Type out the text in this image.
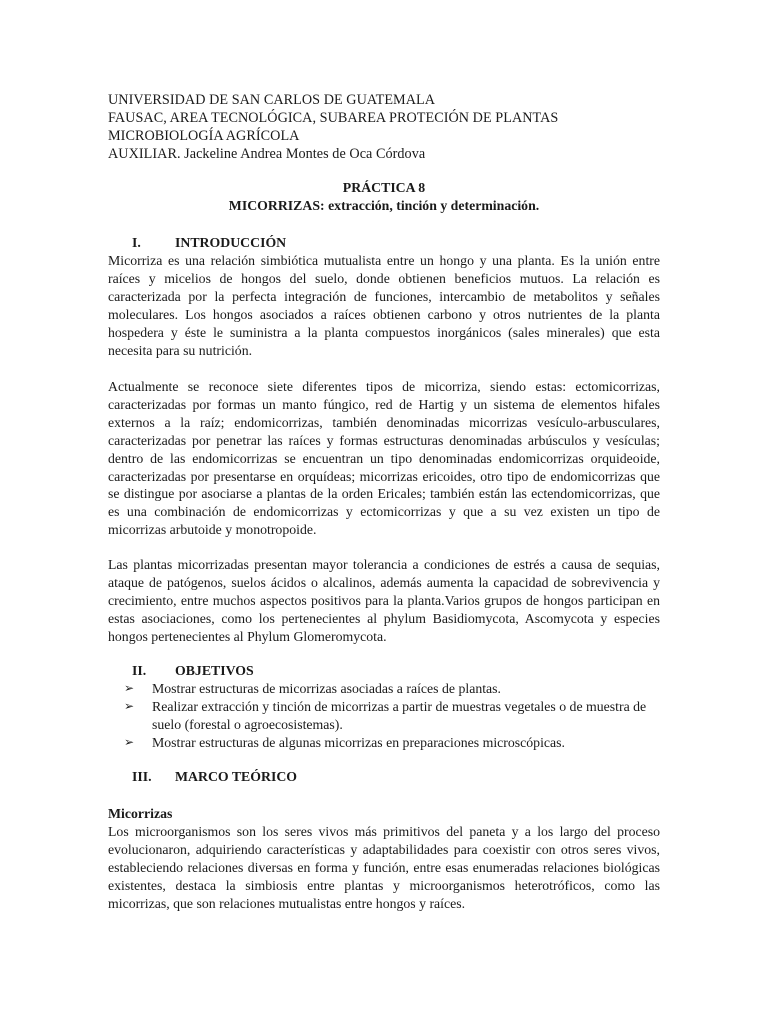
UNIVERSIDAD DE SAN CARLOS DE GUATEMALA
FAUSAC, AREA TECNOLÓGICA, SUBAREA PROTECIÓN DE PLANTAS
MICROBIOLOGÍA AGRÍCOLA
AUXILIAR. Jackeline Andrea Montes de Oca Córdova
PRÁCTICA 8
MICORRIZAS: extracción, tinción y determinación.
I.	INTRODUCCIÓN
Micorriza es una relación simbiótica mutualista entre un hongo y una planta. Es la unión entre raíces y micelios de hongos del suelo, donde obtienen beneficios mutuos. La relación es caracterizada por la perfecta integración de funciones, intercambio de metabolitos y señales moleculares. Los hongos asociados a raíces obtienen carbono y otros nutrientes de la planta hospedera y éste le suministra a la planta compuestos inorgánicos (sales minerales) que esta necesita para su nutrición.
Actualmente se reconoce siete diferentes tipos de micorriza, siendo estas: ectomicorrizas, caracterizadas por formas un manto fúngico, red de Hartig y un sistema de elementos hifales externos a la raíz; endomicorrizas, también denominadas micorrizas vesículo-arbusculares, caracterizadas por penetrar las raíces y formas estructuras denominadas arbúsculos y vesículas; dentro de las endomicorrizas se encuentran un tipo denominadas endomicorrizas orquideoide, caracterizadas por presentarse en orquídeas; micorrizas ericoides, otro tipo de endomicorrizas que se distingue por asociarse a plantas de la orden Ericales; también están las ectendomicorrizas, que es una combinación de endomicorrizas y ectomicorrizas y que a su vez existen un tipo de micorrizas arbutoide y monotropoide.
Las plantas micorrizadas presentan mayor tolerancia a condiciones de estrés a causa de sequias, ataque de patógenos, suelos ácidos o alcalinos, además aumenta la capacidad de sobrevivencia y crecimiento, entre muchos aspectos positivos para la planta.Varios grupos de hongos participan en estas asociaciones, como los pertenecientes al phylum Basidiomycota, Ascomycota y especies hongos pertenecientes al Phylum Glomeromycota.
II.	OBJETIVOS
➢ Mostrar estructuras de micorrizas asociadas a raíces de plantas.
➢ Realizar extracción y tinción de micorrizas a partir de muestras vegetales o de muestra de suelo (forestal o agroecosistemas).
➢ Mostrar estructuras de algunas micorrizas en preparaciones microscópicas.
III.	MARCO TEÓRICO
Micorrizas
Los microorganismos son los seres vivos más primitivos del paneta y a los largo del proceso evolucionaron, adquiriendo características y adaptabilidades para coexistir con otros seres vivos, estableciendo relaciones diversas en forma y función, entre esas enumeradas relaciones biológicas existentes, destaca la simbiosis entre plantas y microorganismos heterotróficos, como las micorrizas, que son relaciones mutualistas entre hongos y raíces.
